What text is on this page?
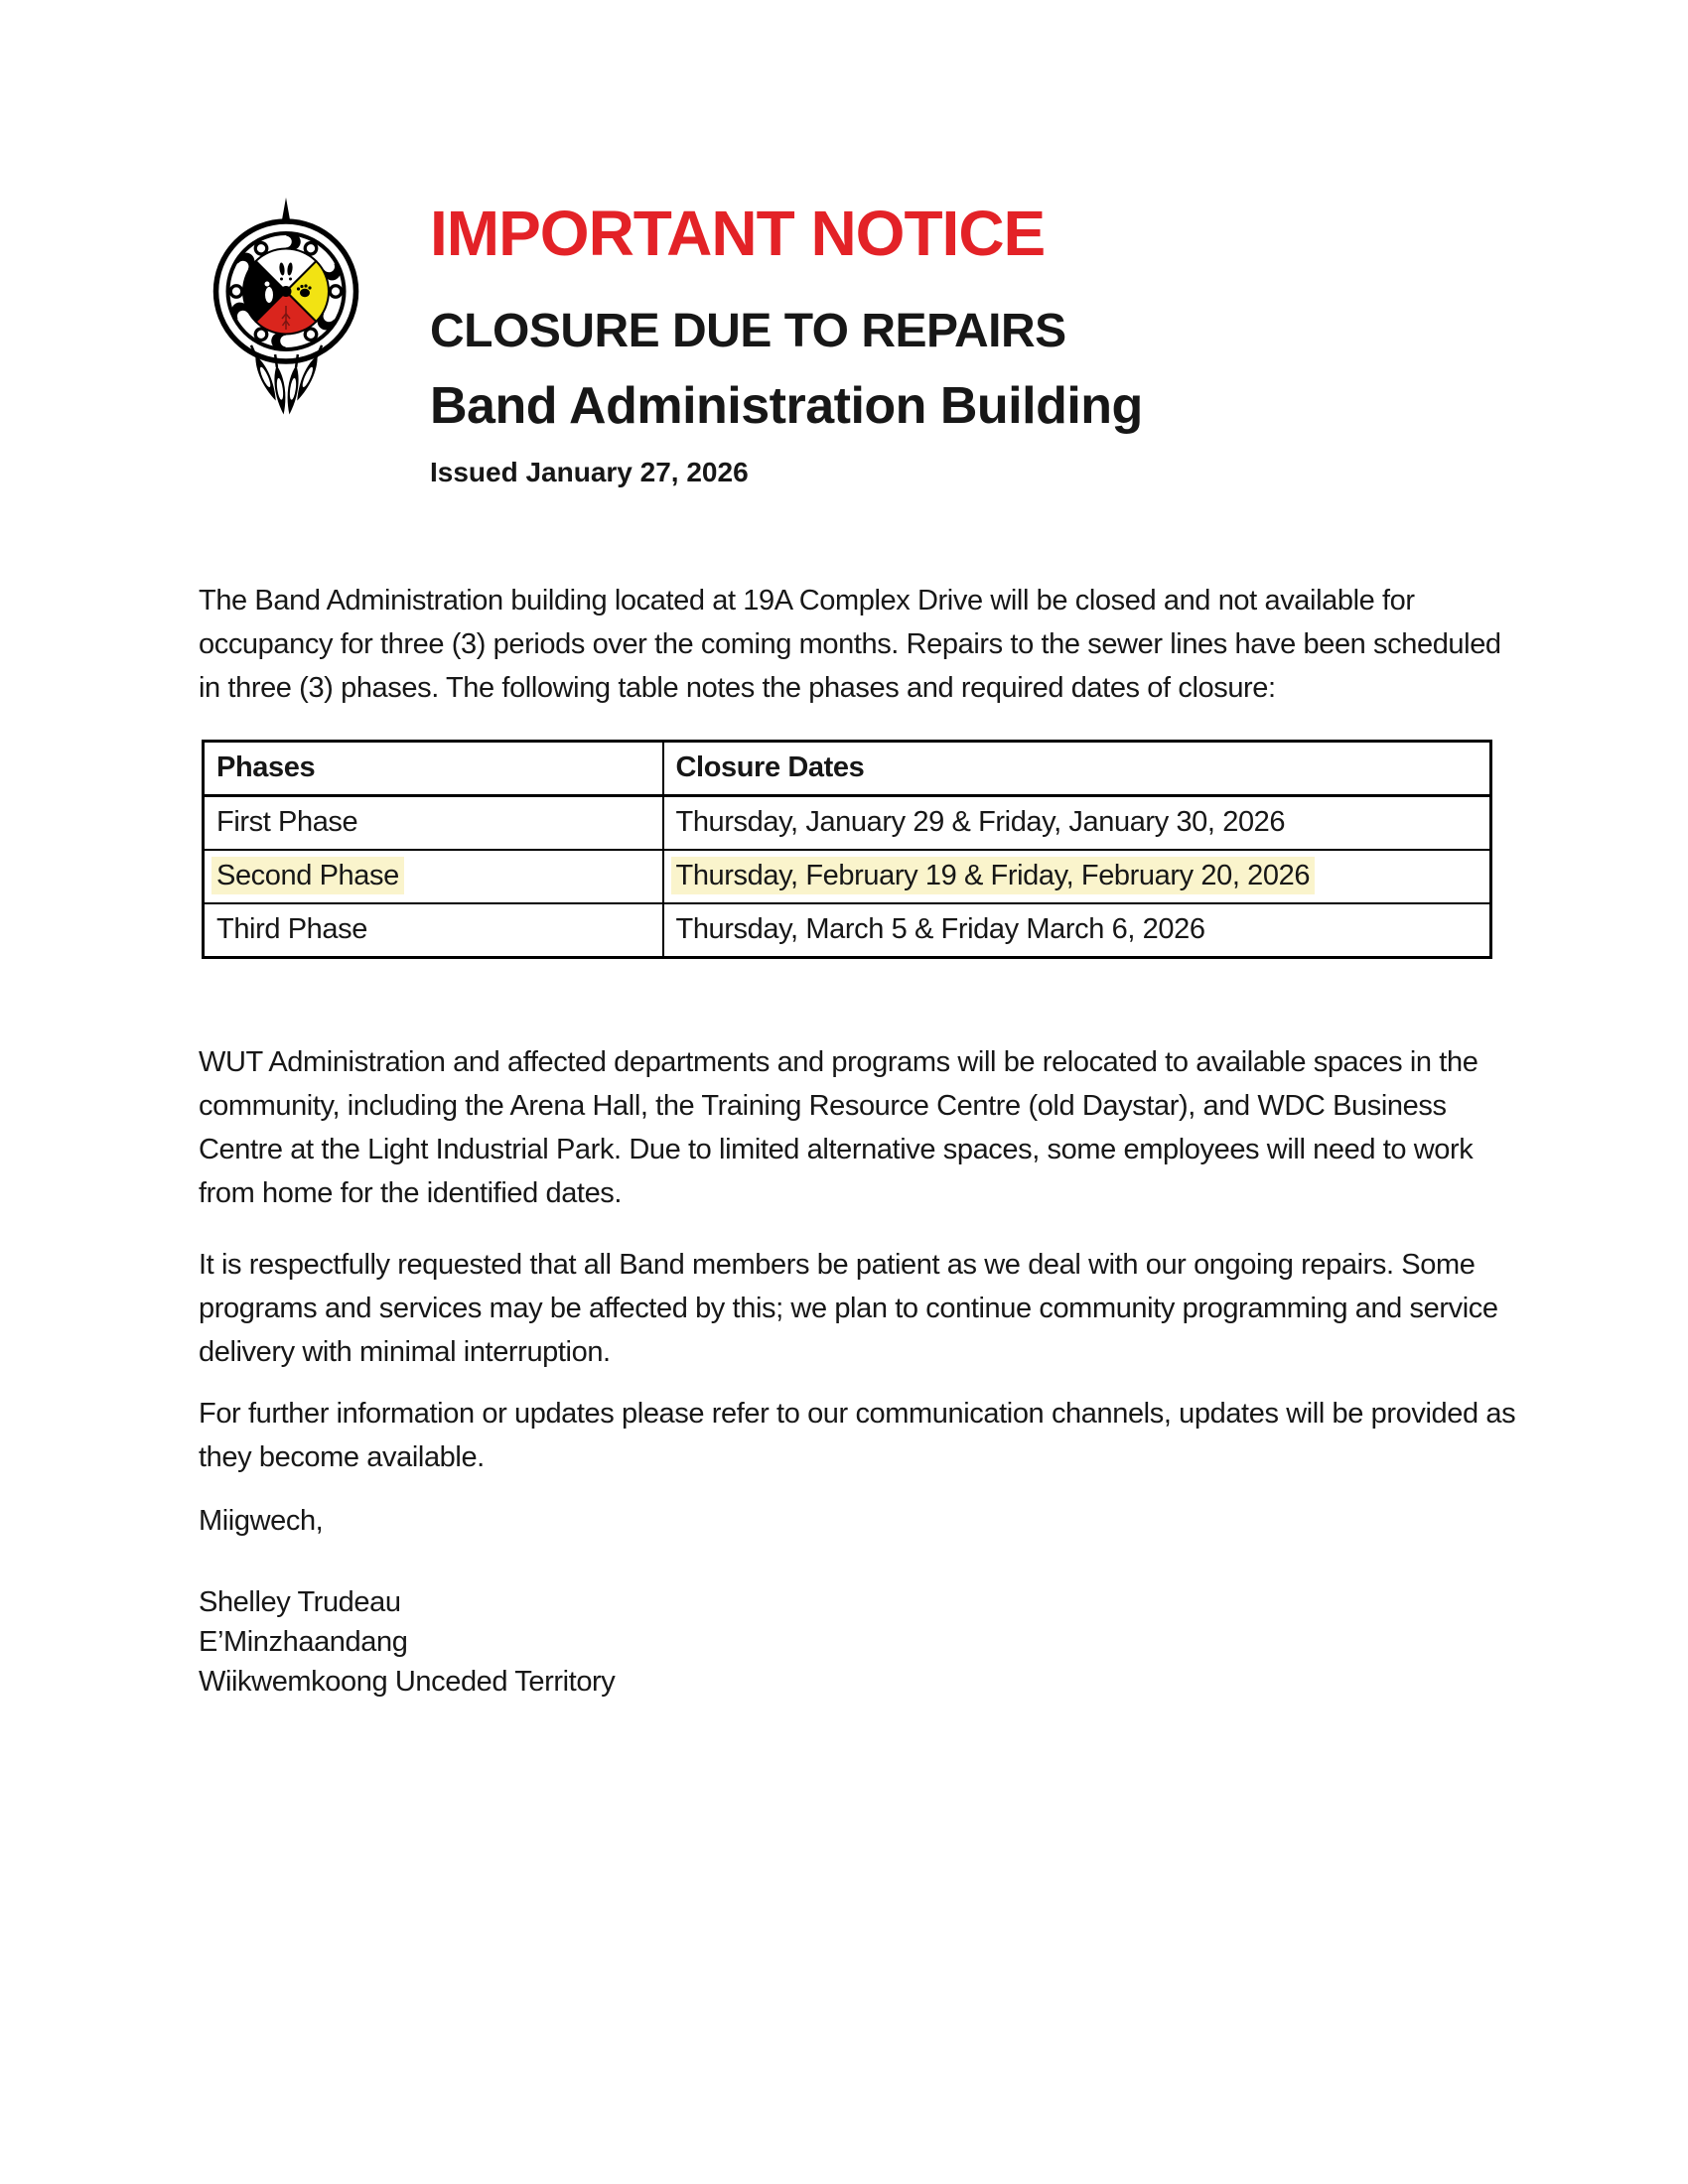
IMPORTANT NOTICE
CLOSURE DUE TO REPAIRS
Band Administration Building
Issued January 27, 2026

The Band Administration building located at 19A Complex Drive will be closed and not available for occupancy for three (3) periods over the coming months. Repairs to the sewer lines have been scheduled in three (3) phases. The following table notes the phases and required dates of closure:

Phases	Closure Dates
First Phase	Thursday, January 29 & Friday, January 30, 2026
Second Phase	Thursday, February 19 & Friday, February 20, 2026
Third Phase	Thursday, March 5 & Friday March 6, 2026

WUT Administration and affected departments and programs will be relocated to available spaces in the community, including the Arena Hall, the Training Resource Centre (old Daystar), and WDC Business Centre at the Light Industrial Park. Due to limited alternative spaces, some employees will need to work from home for the identified dates.

It is respectfully requested that all Band members be patient as we deal with our ongoing repairs. Some programs and services may be affected by this; we plan to continue community programming and service delivery with minimal interruption.

For further information or updates please refer to our communication channels, updates will be provided as they become available.

Miigwech,

Shelley Trudeau
E’Minzhaandang
Wiikwemkoong Unceded Territory
